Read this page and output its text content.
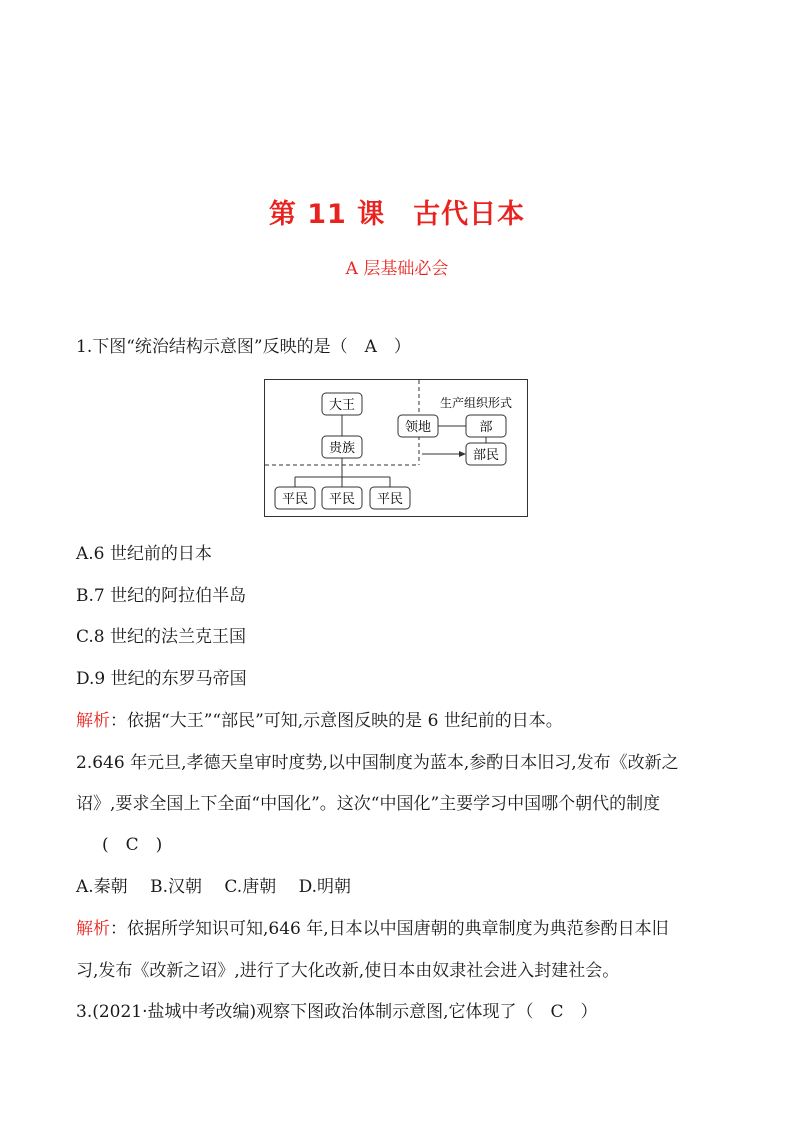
第 11 课　古代日本
A 层基础必会
1.下图“统治结构示意图”反映的是（　A　）
大王
贵族
平民 平民 平民
生产组织形式
领地	部
部民
A.6 世纪前的日本
B.7 世纪的阿拉伯半岛
C.8 世纪的法兰克王国
D.9 世纪的东罗马帝国
解析：依据“大王”“部民”可知,示意图反映的是 6 世纪前的日本。
2.646 年元旦,孝德天皇审时度势,以中国制度为蓝本,参酌日本旧习,发布《改新之
诏》,要求全国上下全面“中国化”。这次“中国化”主要学习中国哪个朝代的制度
(　C　)
A.秦朝　 B.汉朝　 C.唐朝　 D.明朝
解析：依据所学知识可知,646 年,日本以中国唐朝的典章制度为典范参酌日本旧
习,发布《改新之诏》,进行了大化改新,使日本由奴隶社会进入封建社会。
3.(2021·盐城中考改编)观察下图政治体制示意图,它体现了（　C　）
